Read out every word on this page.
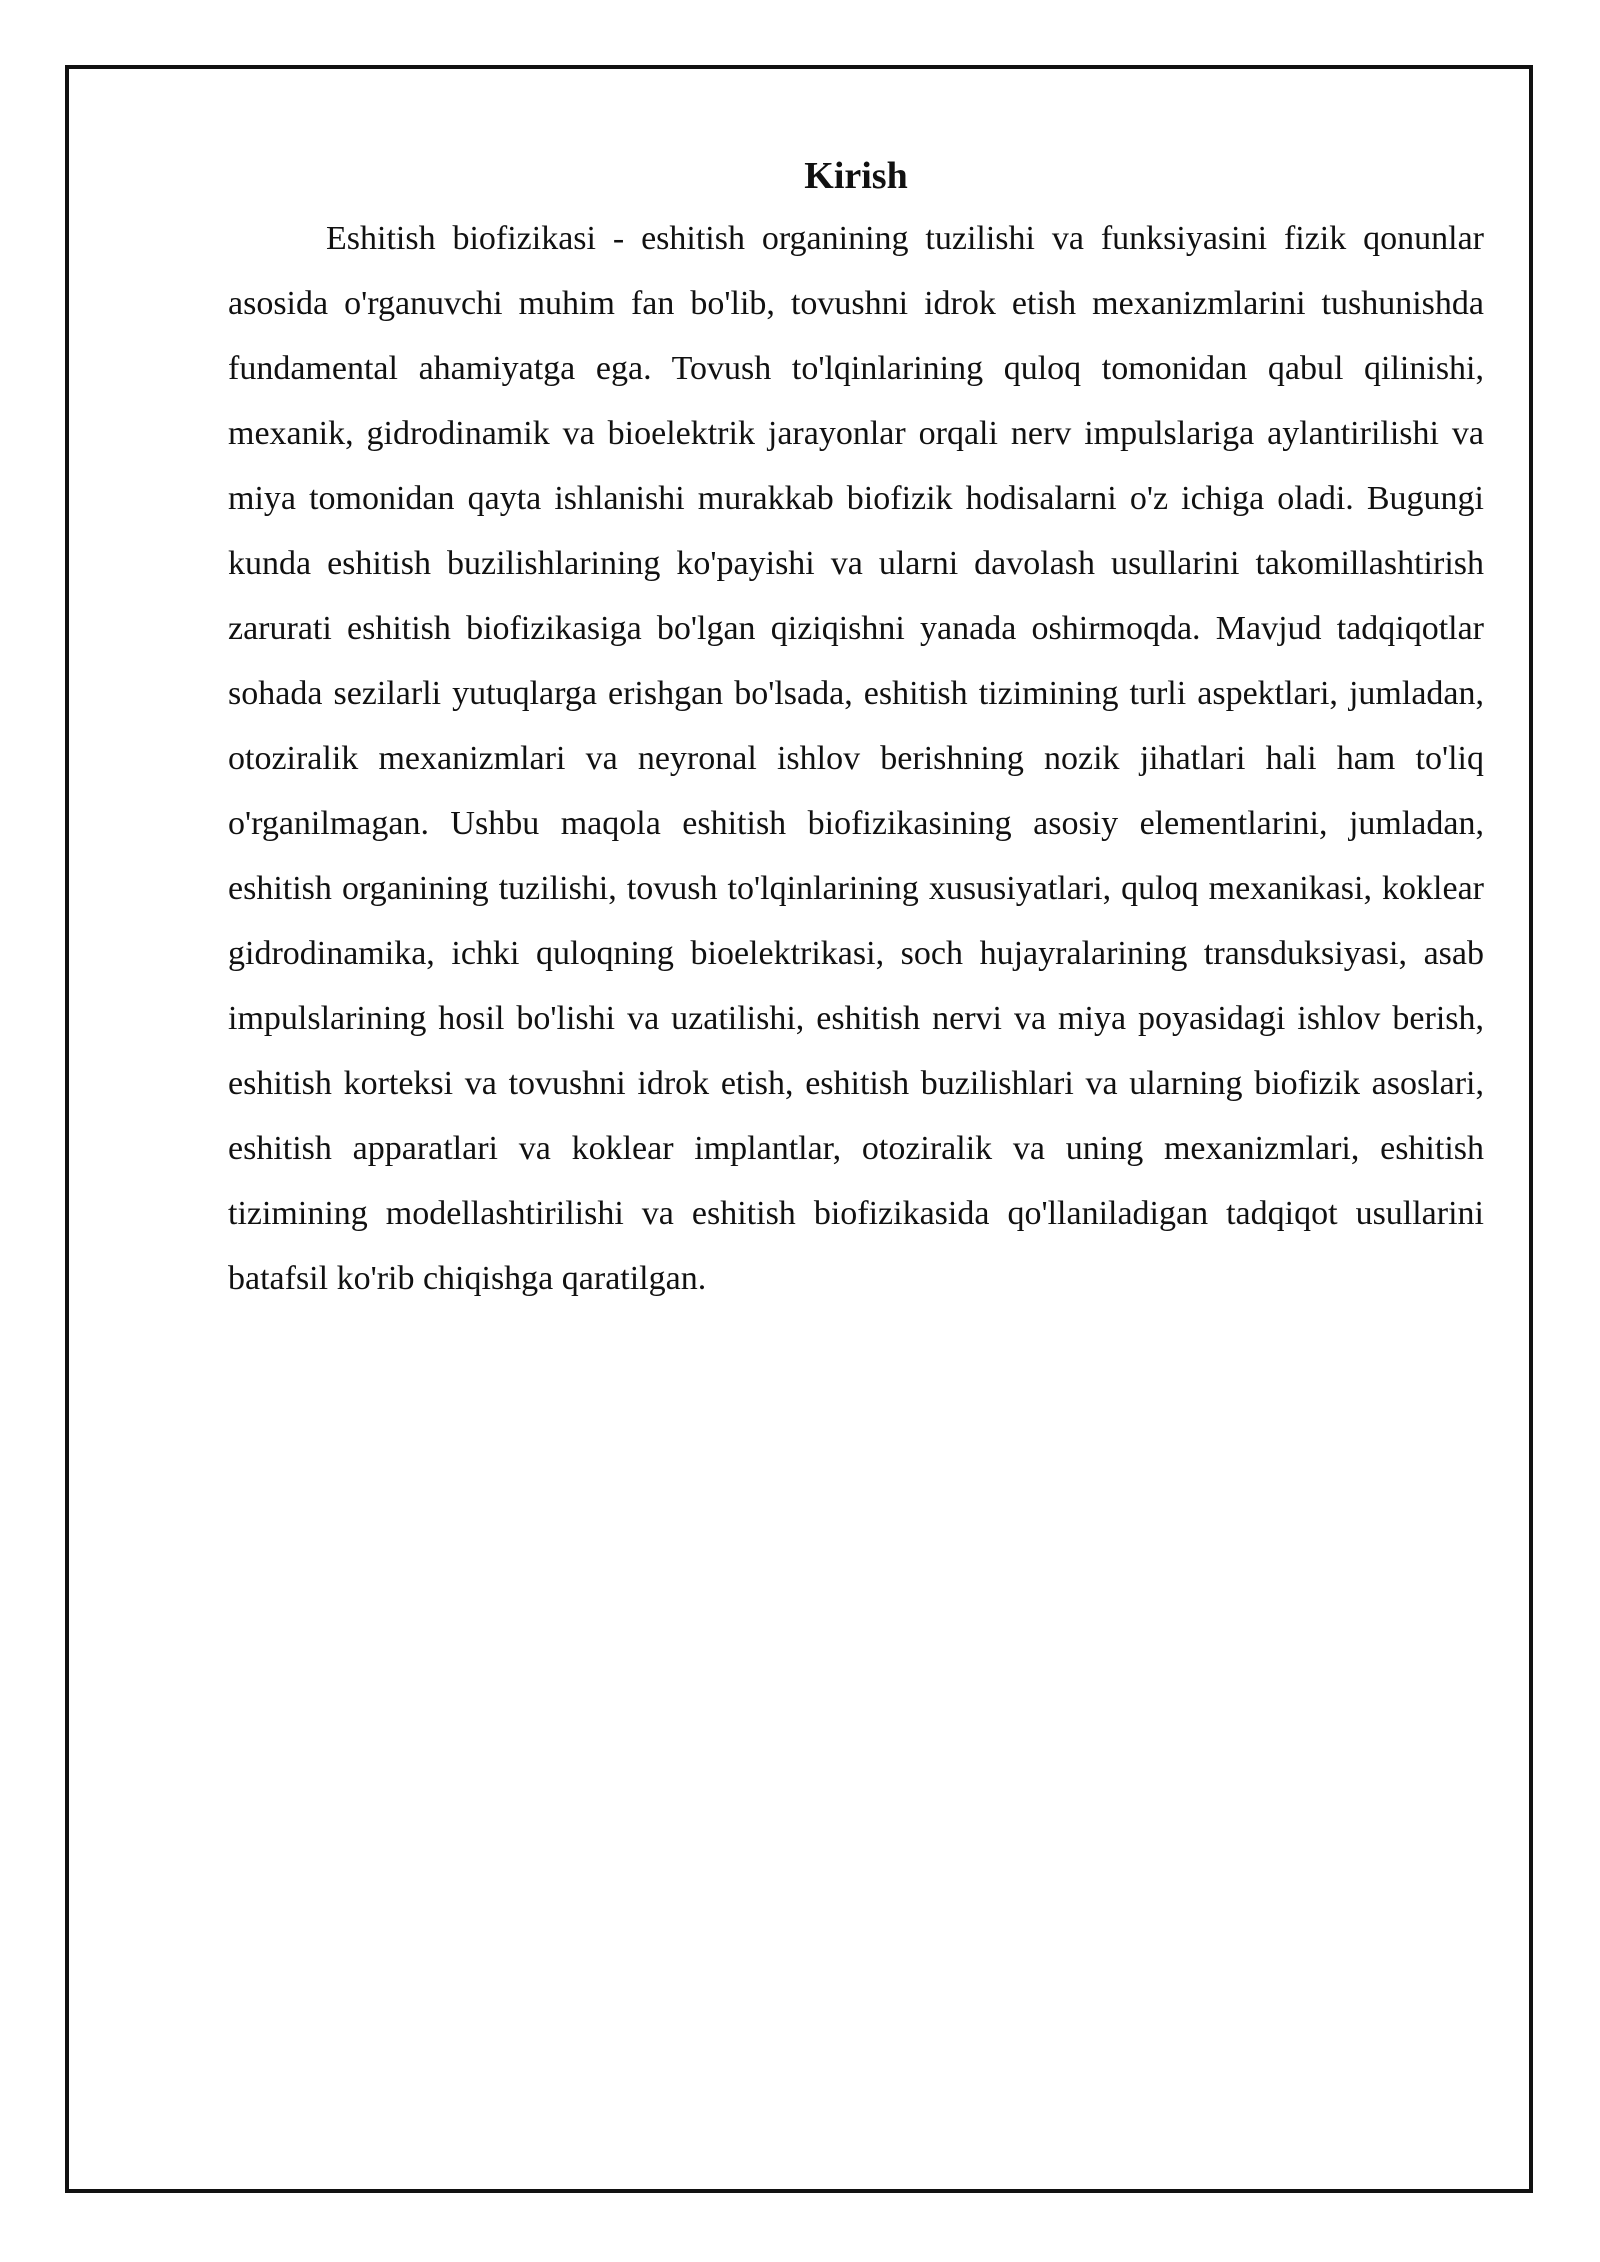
Kirish

Eshitish biofizikasi - eshitish organining tuzilishi va funksiyasini fizik qonunlar asosida o'rganuvchi muhim fan bo'lib, tovushni idrok etish mexanizmlarini tushunishda fundamental ahamiyatga ega. Tovush to'lqinlarining quloq tomonidan qabul qilinishi, mexanik, gidrodinamik va bioelektrik jarayonlar orqali nerv impulslariga aylantirilishi va miya tomonidan qayta ishlanishi murakkab biofizik hodisalarni o'z ichiga oladi. Bugungi kunda eshitish buzilishlarining ko'payishi va ularni davolash usullarini takomillashtirish zarurati eshitish biofizikasiga bo'lgan qiziqishni yanada oshirmoqda. Mavjud tadqiqotlar sohada sezilarli yutuqlarga erishgan bo'lsada, eshitish tizimining turli aspektlari, jumladan, otoziralik mexanizmlari va neyronal ishlov berishning nozik jihatlari hali ham to'liq o'rganilmagan. Ushbu maqola eshitish biofizikasining asosiy elementlarini, jumladan, eshitish organining tuzilishi, tovush to'lqinlarining xususiyatlari, quloq mexanikasi, koklear gidrodinamika, ichki quloqning bioelektrikasi, soch hujayralarining transduksiyasi, asab impulslarining hosil bo'lishi va uzatilishi, eshitish nervi va miya poyasidagi ishlov berish, eshitish korteksi va tovushni idrok etish, eshitish buzilishlari va ularning biofizik asoslari, eshitish apparatlari va koklear implantlar, otoziralik va uning mexanizmlari, eshitish tizimining modellashtirilishi va eshitish biofizikasida qo'llaniladigan tadqiqot usullarini batafsil ko'rib chiqishga qaratilgan.
